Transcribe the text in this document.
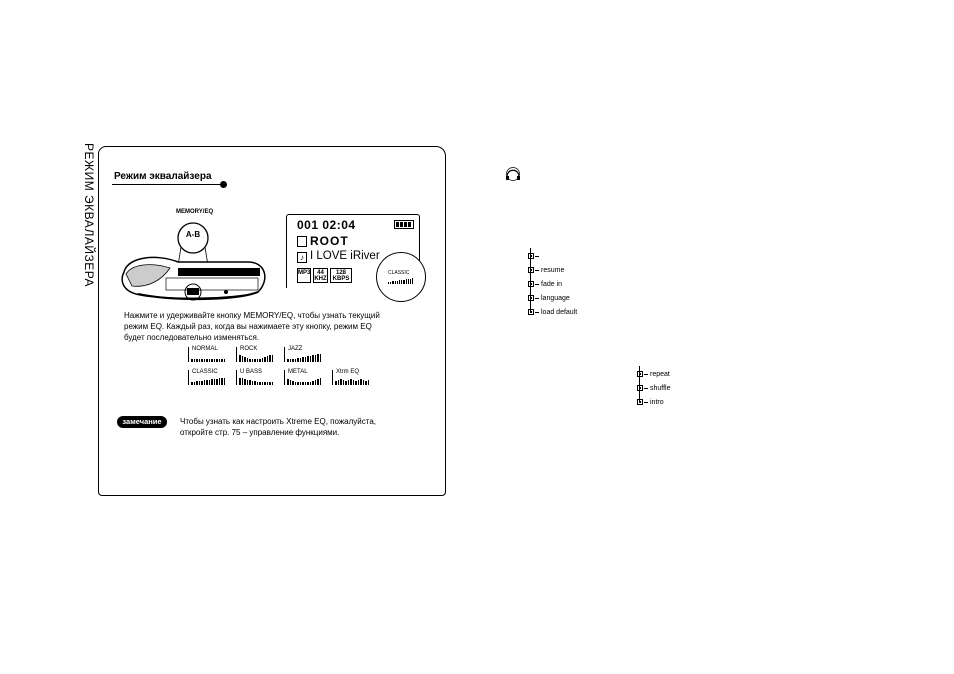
РЕЖИМ ЭКВАЛАЙЗЕРА Режим эквалайзера
MEMORY/EQ
A-B
001 02:04
ROOT
♪ I LOVE iRiver
MP3	44 KHZ
128 KBPS
CLASSIC
Нажмите и удерживайте кнопку MEMORY/EQ, чтобы узнать текущий
режим EQ. Каждый раз, когда вы нажимаете эту кнопку, режим EQ
будет последовательно изменяться.
NORMAL	ROCK	JAZZ
CLASSIC	U BASS	METAL	Xtrm EQ
замечание	Чтобы узнать как настроить Xtreme EQ, пожалуйста,
откройте стр. 75 – управление функциями.
resume
fade in
language
load default
repeat
shuffle
intro
